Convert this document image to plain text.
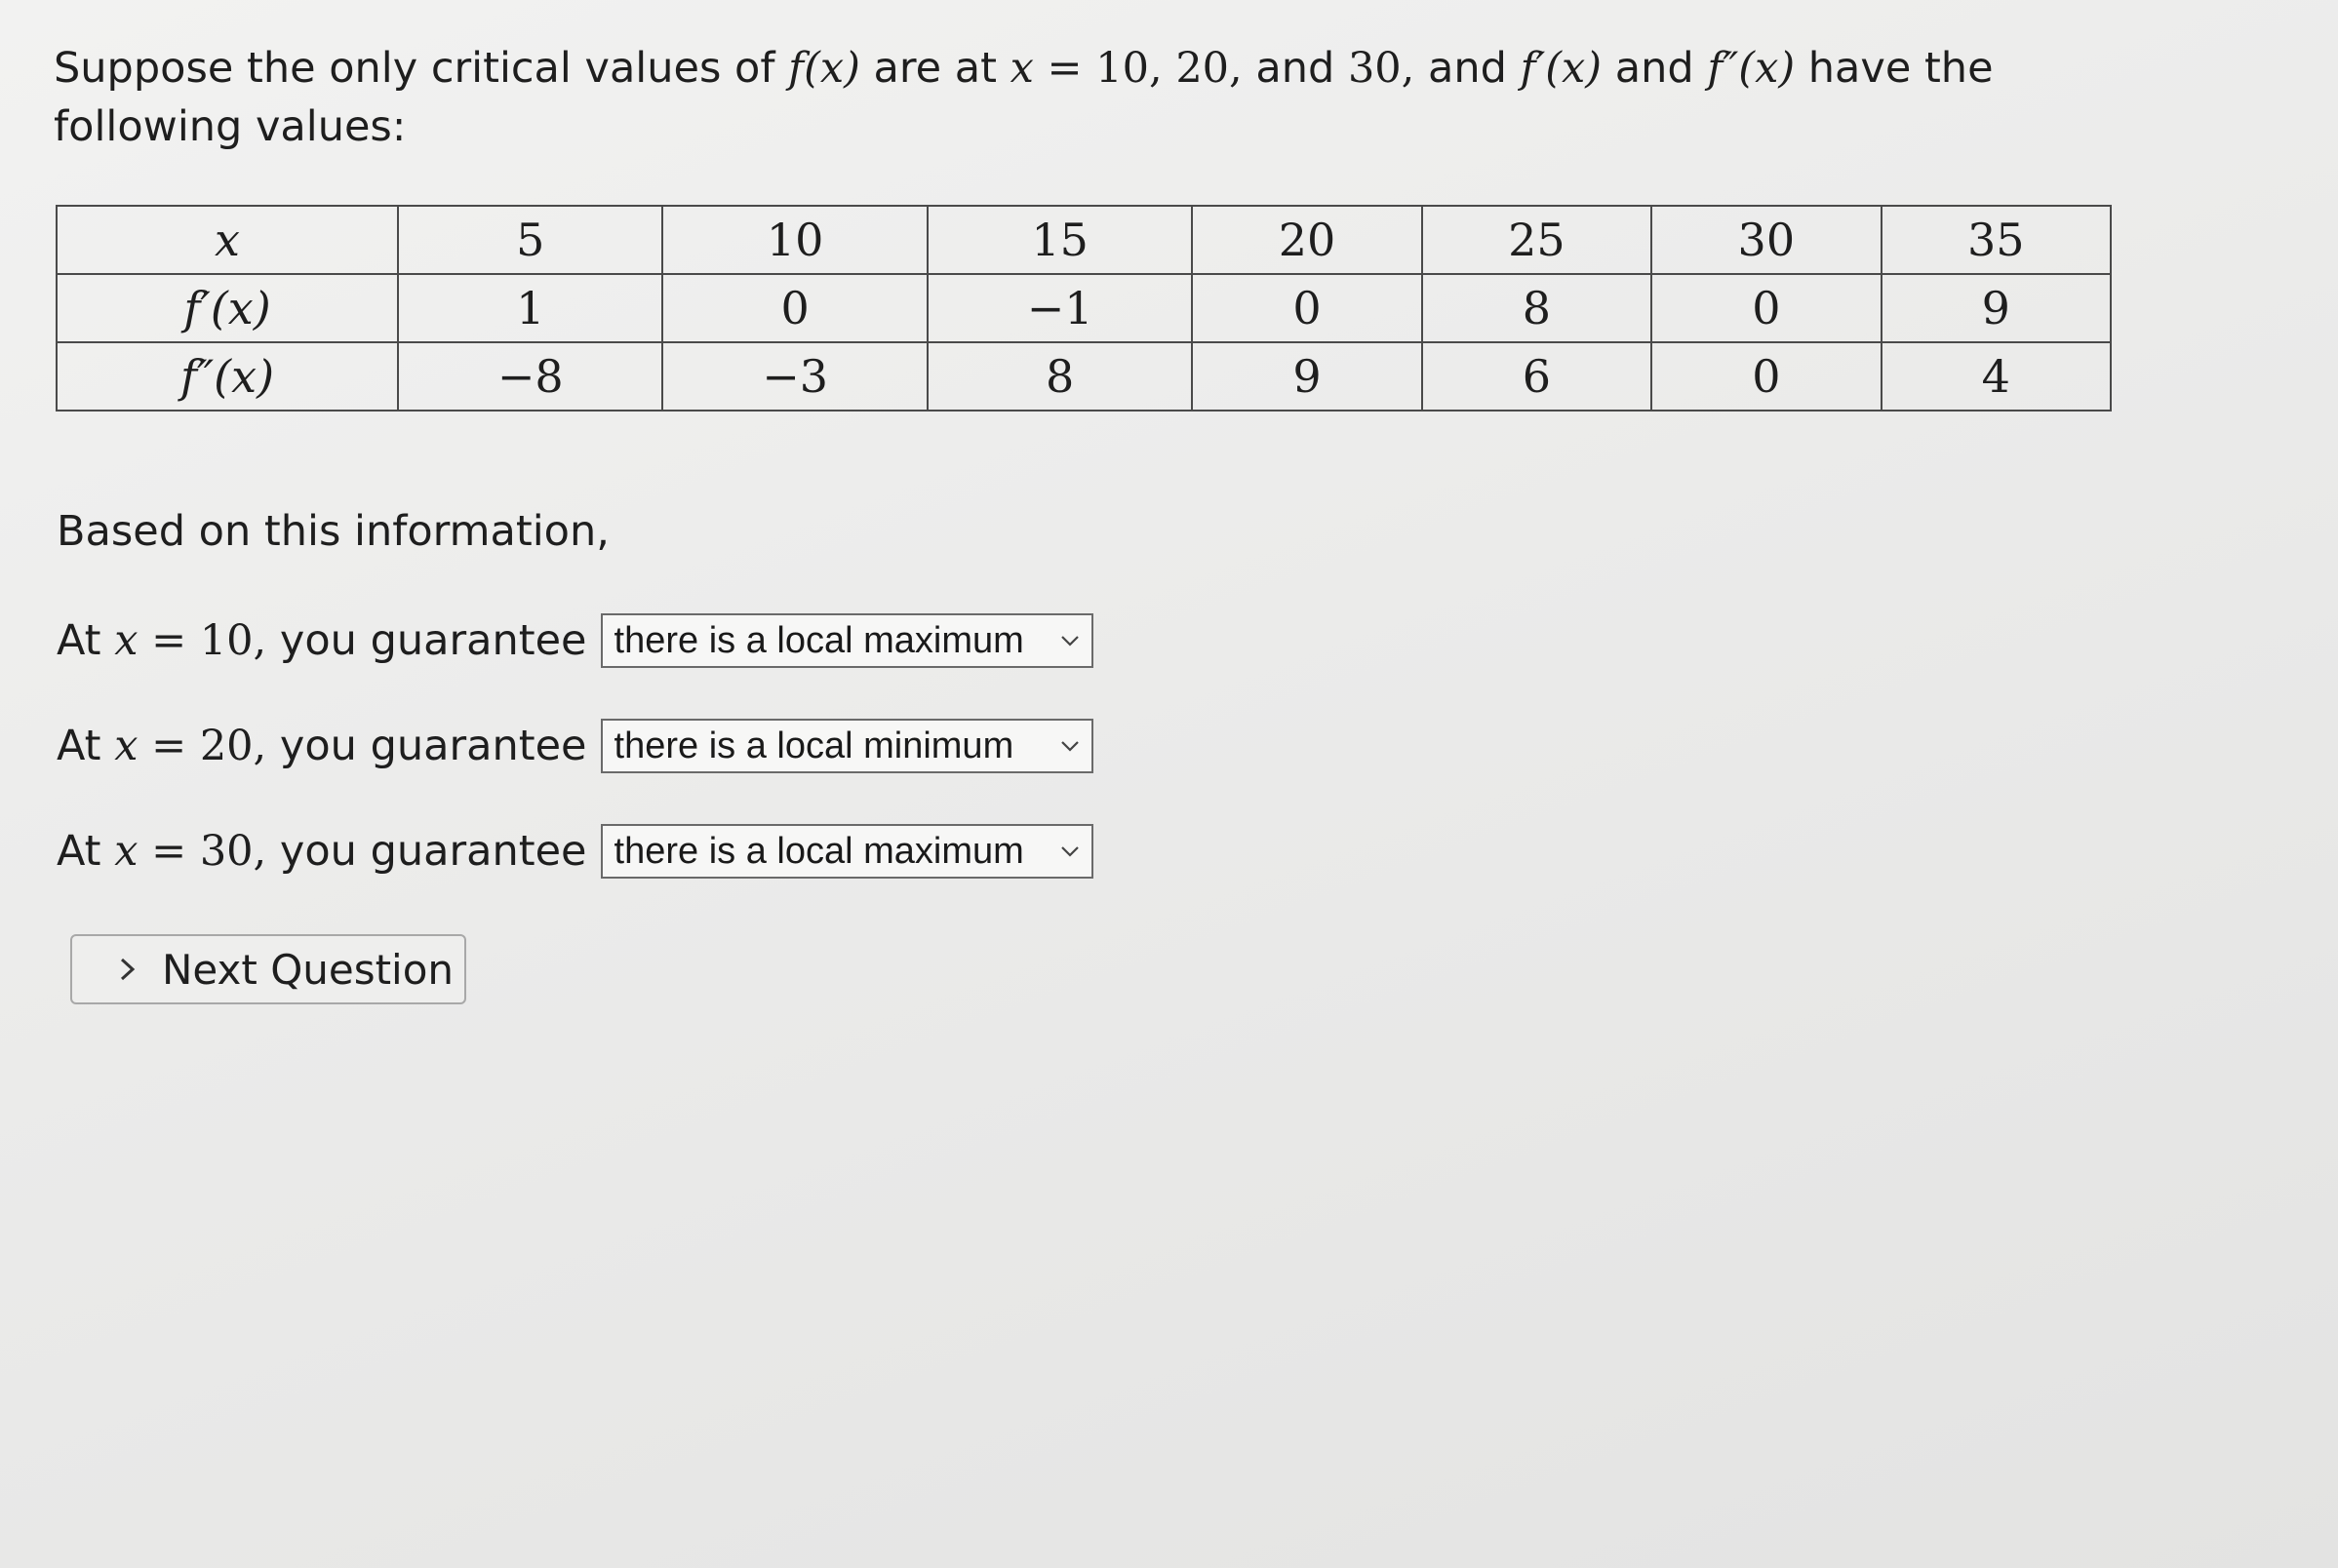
Suppose the only critical values of f(x) are at x = 10, 20, and 30, and f′(x) and f″(x) have the following values:

x	5	10	15	20	25	30	35
f′(x)	1	0	−1	0	8	0	9
f″(x)	−8	−3	8	9	6	0	4
Based on this information,
At
x =
10,
you guarantee there is a local maximum
At
x =
20,
you guarantee there is a local minimum
At
x =
30,
you guarantee there is a local maximum
Next Question
